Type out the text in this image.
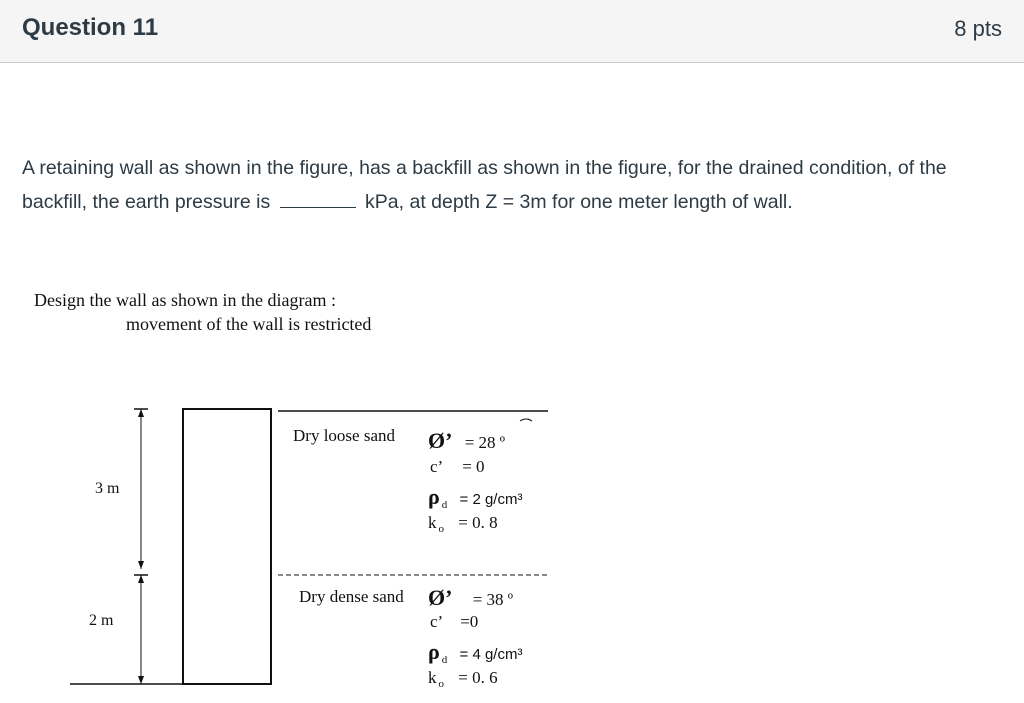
Question 11	8 pts
A retaining wall as shown in the figure, has a backfill as shown in the figure, for the drained condition, of the backfill, the earth pressure is	kPa, at depth Z = 3m for one meter length of wall.
Design the wall as shown in the diagram :
movement of the wall is restricted
3 m
2 m
Dry loose sand Ø’ = 28 º
c’ = 0
ρ $_d$ = 2 g/cm³
k $_o$ = 0. 8
Dry dense sand Ø’ = 38 º
c’ =0
ρ $_d$ = 4 g/cm³
k $_o$ = 0. 6
